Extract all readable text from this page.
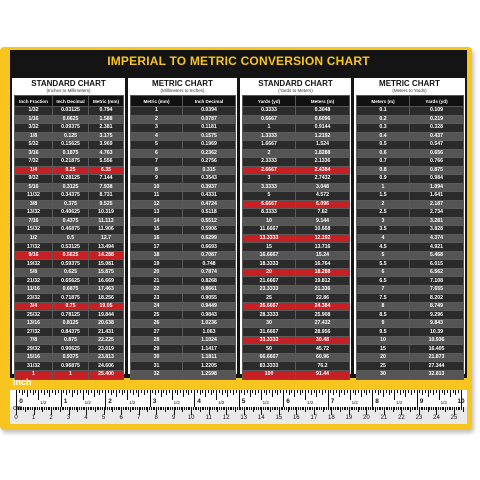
IMPERIAL TO METRIC CONVERSION CHART
STANDARD CHART
(Inches to Millimeters)
Inch Fraction	Inch Decimal	Metric (mm)
1/32	0.03125	0.794
1/16	0.0625	1.588
3/32	0.09375	2.381
1/8	0.125	3.175
5/32	0.15625	3.969
3/16	0.1875	4.763
7/32	0.21875	5.556
1/4	0.25	6.35
9/32	0.28125	7.144
5/16	0.3125	7.938
11/32	0.34375	8.731
3/8	0.375	9.525
13/32	0.40625	10.319
7/16	0.4375	11.113
15/32	0.46875	11.906
1/2	0.5	12.7
17/32	0.53125	13.494
9/16	0.5625	14.288
19/32	0.59375	15.081
5/8	0.625	15.875
21/32	0.65625	16.669
11/16	0.6875	17.463
23/32	0.71875	18.256
3/4	0.75	19.05
25/32	0.78125	19.844
13/16	0.8125	20.638
27/32	0.84375	21.431
7/8	0.875	22.225
29/32	0.90625	23.019
15/16	0.9375	23.813
31/32	0.96875	24.606
1	1	25.400
METRIC CHART
(Millimeters to Inches)
Metric (mm)	Inch Decimal
1	0.0394
2	0.0787
3	0.1181
4	0.1575
5	0.1969
6	0.2362
7	0.2756
8	0.315
9	0.3543
10	0.3937
11	0.4331
12	0.4724
13	0.5118
14	0.5512
15	0.5906
16	0.6299
17	0.6693
18	0.7087
19	0.748
20	0.7874
21	0.8268
22	0.8661
23	0.9055
24	0.9449
25	0.9843
26	1.0236
27	1.063
28	1.1024
29	1.1417
30	1.1811
31	1.2205
32	1.2598
STANDARD CHART
(Yards to Meters)
Yards (yd)	Meters (m)
0.3333	0.3048
0.6667	0.6096
1	0.9144
1.3333	1.2192
1.6667	1.524
2	1.8288
2.3333	2.1336
2.6667	2.4384
3	2.7432
3.3333	3.048
5	4.572
6.6667	6.096
8.3333	7.62
10	9.144
11.6667	10.668
13.3333	12.192
15	13.716
16.6667	15.24
18.3333	16.764
20	18.288
21.6667	19.812
23.3333	21.336
25	22.86
26.6667	24.384
28.3333	25.908
30	27.432
31.6667	28.956
33.3333	30.48
50	45.72
66.6667	60.96
83.3333	76.2
100	91.44
METRIC CHART
(Meters to Yards)
Meters (m)	Yards (yd)
0.1	0.109
0.2	0.219
0.3	0.328
0.4	0.437
0.5	0.547
0.6	0.656
0.7	0.766
0.8	0.875
0.9	0.984
1	1.094
1.5	1.641
2	2.187
2.5	2.734
3	3.281
3.5	3.828
4	4.374
4.5	4.921
5	5.468
5.5	6.015
6	6.562
6.5	7.108
7	7.655
7.5	8.202
8	8.749
8.5	9.296
9	9.843
9.5	10.39
10	10.936
15	16.405
20	21.873
25	27.344
30	32.813
inch
0	1/2	1	1/2	2	1/2	3	1/2	4	1/2	5	1/2	6	1/2	7	1/2	8	1/2	9	1/2 10
0 1 2 3 4 5 6 7 8 9 10 11 12 13 14 15 16 17 18 19 20 21 22 23 24 25
cm
